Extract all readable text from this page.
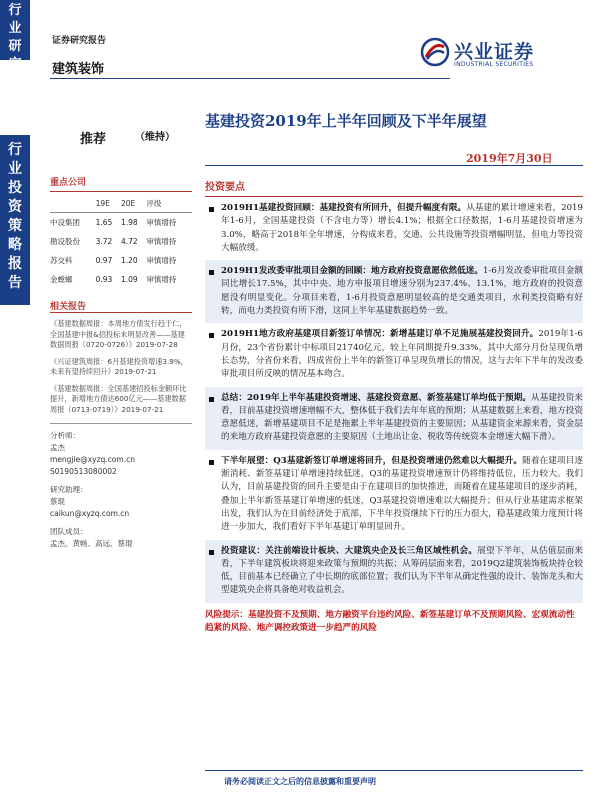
行
业
研
究
行
业
投
资
策
略
报
告
证券研究报告
建筑装饰
兴业证券
INDUSTRIAL SECURITIES
基建投资2019年上半年回顾及下半年展望
推荐	（维持）
2019年7月30日
重点公司
	19E	20E	评级
中设集团	1.65	1.98	审慎增持
勘设股份	3.72	4.72	审慎增持
苏交科	0.97	1.20	审慎增持
金螳螂	0.93	1.09	审慎增持
相关报告
《基建数据周报：本周地方债发行趋于仁，全国基建中报&招投标未明显改善——基建数据周报（0720-0726）》2019-07-28
《兴证建筑周报：6月基建投资增速3.9%，未来有望持续回升》2019-07-21
《基建数据周报：全国基建招投标金额环比提升，新增地方债达600亿元——基建数据周报（0713-0719）》2019-07-21
分析师：
孟杰
mengjie@xyzq.com.cn
S0190513080002
研究助理：
蔡琨
caikun@xyzq.com.cn
团队成员：
孟杰、黄畅、高远、蔡琨
投资要点
2019H1基建投资回顾：基建投资有所回升，但提升幅度有限。从基建的累计增速来看，2019年1-6月，全国基建投资（不含电力等）增长4.1%；根据全口径数据，1-6月基建投资增速为3.0%，略高于2018年全年增速，分构成来看，交通、公共设施等投资增幅明显，但电力等投资大幅放缓。
2019H1发改委审批项目金额的回顾：地方政府投资意愿依然低迷。1-6月发改委审批项目金额同比增长17.5%，其中中央、地方申报项目增速分别为237.4%、13.1%，地方政府的投资意愿没有明显变化。分项目来看，1-6月投资意愿明显较高的是交通类项目，水利类投资略有好转，而电力类投资有所下滑，这同上半年基建数据趋势一致。
2019H1地方政府基建项目新签订单情况：新增基建订单不足施展基建投资回升。2019年1-6月份，23个省份累计中标项目21740亿元，较上年同期提升9.33%，其中大部分月份呈现负增长态势，分省份来看，四成省份上半年的新签订单呈现负增长的情况，这与去年下半年的发改委审批项目所反映的情况基本吻合。
总结：2019年上半年基建投资增速、基建投资意愿、新签基建订单均低于预期。从基建投资来看，目前基建投资增速增幅不大，整体低于我们去年年底的预期；从基建数据上来看，地方投资意愿低迷，新增基建项目不足是拖累上半年基建投资的主要原因；从基建资金来源来看，资金层的来地方政府基建投资意愿的主要原因（土地出让金、税收等传统资本金增速大幅下滑）。
下半年展望：Q3基建新签订单增速将回升，但是投资增速仍然难以大幅提升。随着在建项目逐渐消耗、新签基建订单增速持续低迷，Q3的基建投资增速预计仍将维持低位，压力较大。我们认为，目前基建投资的回升主要是由于在建项目的加快推进，而随着在建基建项目的逐步消耗，叠加上半年新签基建订单增速的低迷，Q3基建投资增速难以大幅提升；但从行业基建需求框架出发，我们认为在目前经济处于底部，下半年投资继续下行的压力很大，稳基建政策力度预计将进一步加大，我们看好下半年基建订单明显回升。
投资建议：关注前端设计板块、大建筑央企及长三角区域性机会。展望下半年，从估值层面来看，下半年建筑板块将迎来政策与预期的共振；从筹码层面来看，2019Q2建筑装饰板块持仓较低，目前基本已经确立了中长期的底部位置；我们认为下半年从确定性强的设计、装饰龙头和大型建筑央企将具备绝对收益机会。
风险提示：基建投资不及预期、地方融资平台违约风险、新签基建订单不及预期风险、宏观流动性趋紧的风险、地产调控政策进一步趋严的风险
请务必阅读正文之后的信息披露和重要声明
